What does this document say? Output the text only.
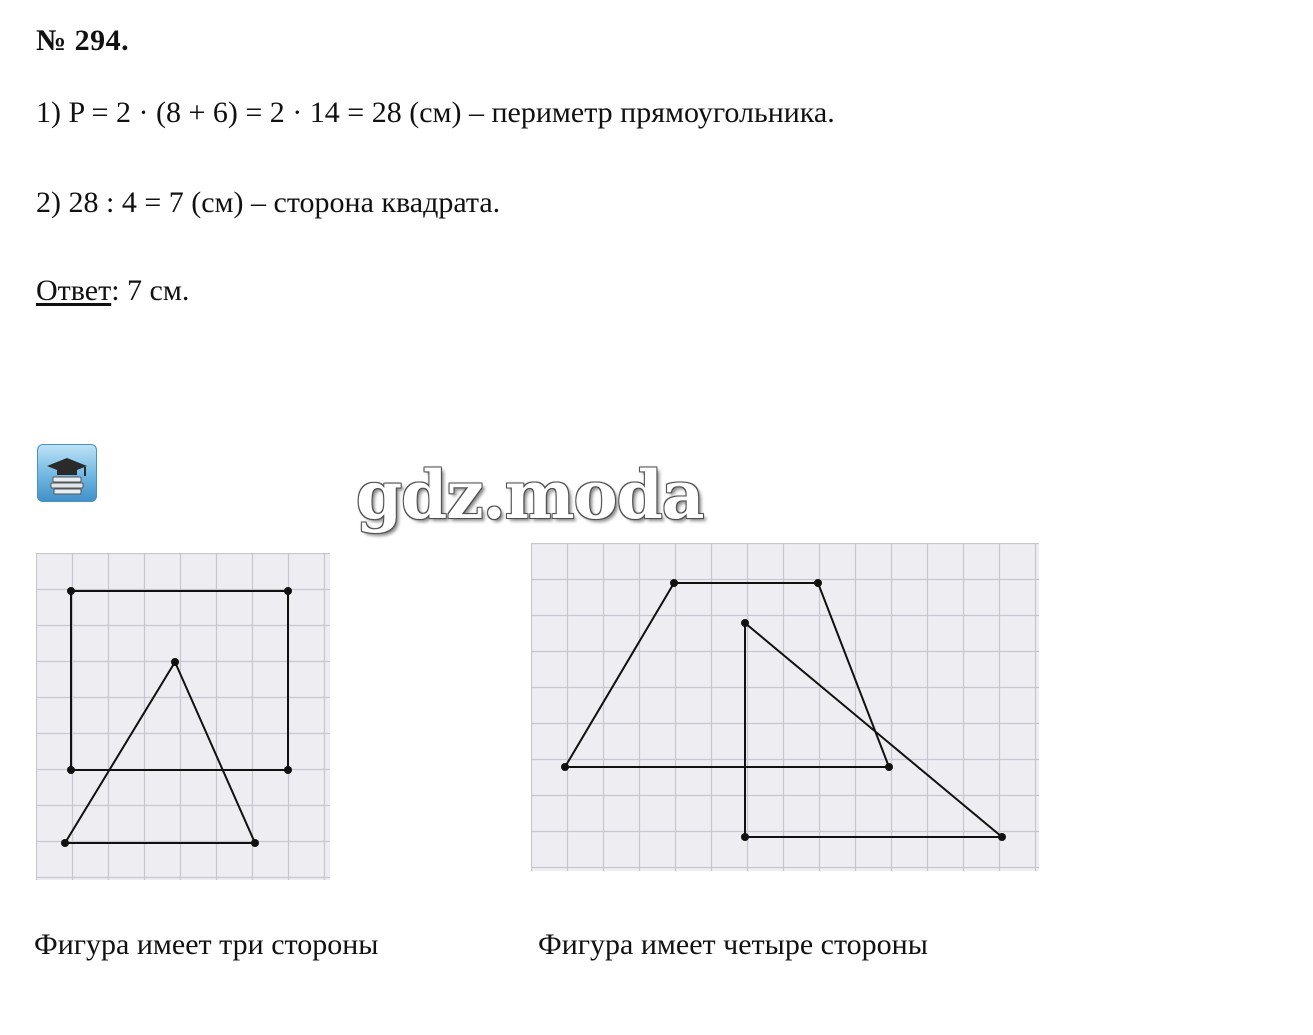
№ 294.
1) P = 2 · (8 + 6) = 2 · 14 = 28 (см) – периметр прямоугольника.
2) 28 : 4 = 7 (см) – сторона квадрата.
Ответ: 7 см.
gdz.moda
Фигура имеет три стороны	Фигура имеет четыре стороны
